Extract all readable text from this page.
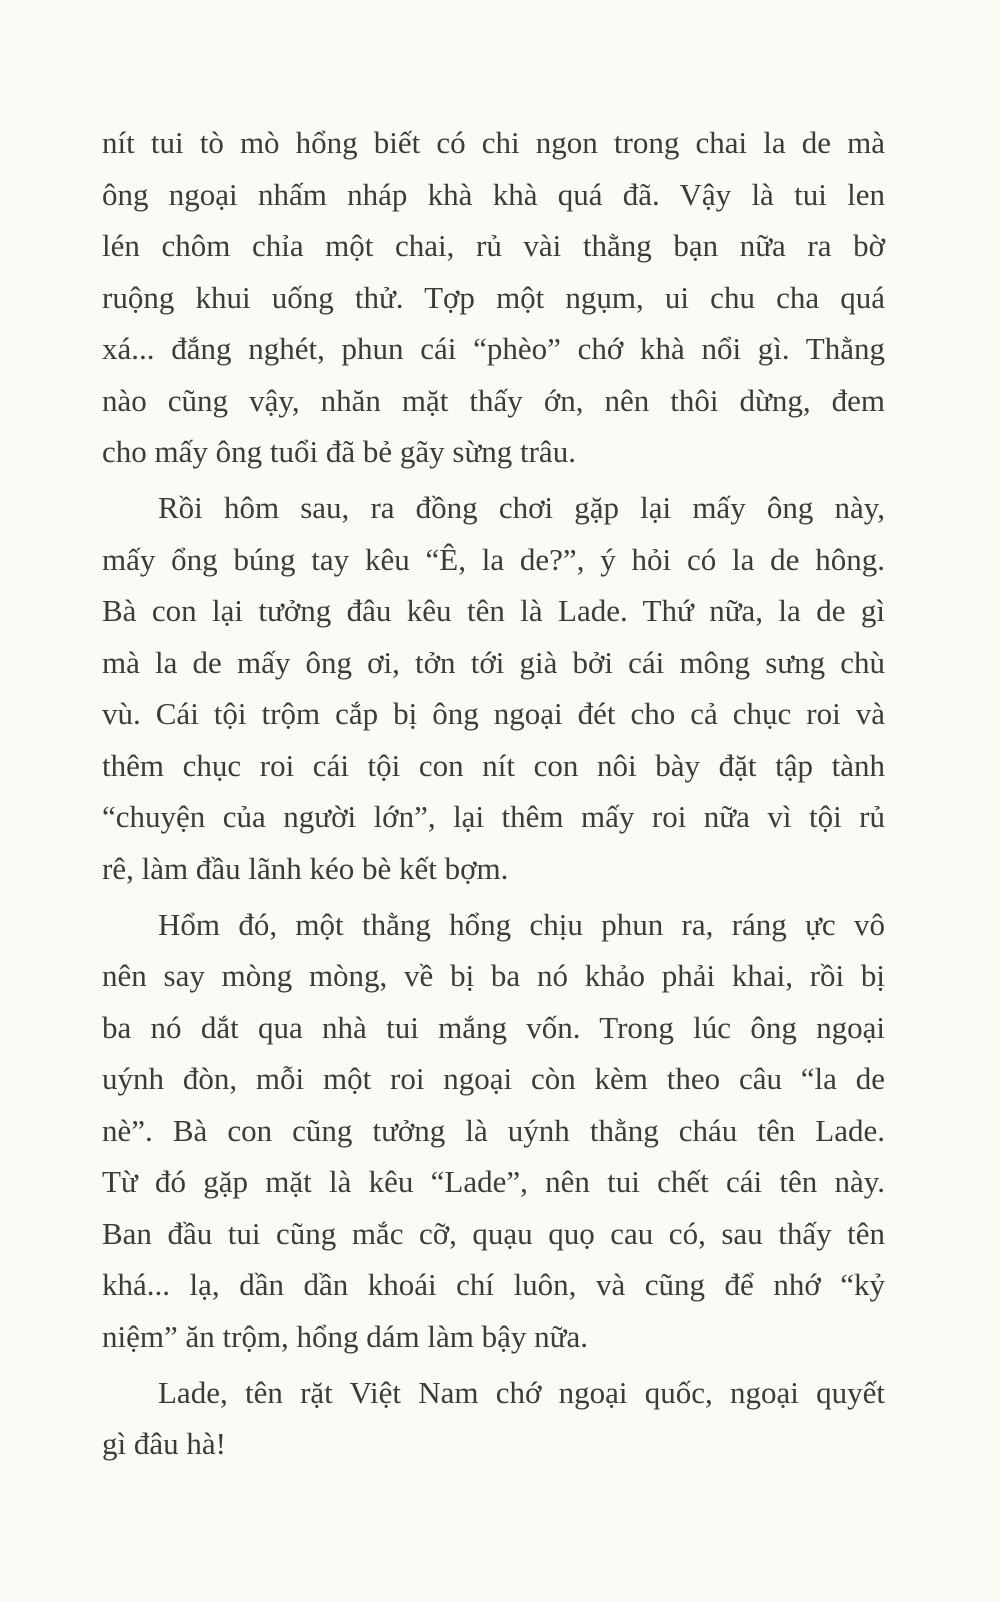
nít tui tò mò hổng biết có chi ngon trong chai la de mà
ông ngoại nhấm nháp khà khà quá đã. Vậy là tui len
lén chôm chỉa một chai, rủ vài thằng bạn nữa ra bờ
ruộng khui uống thử. Tợp một ngụm, ui chu cha quá
xá... đắng nghét, phun cái “phèo” chớ khà nổi gì. Thằng
nào cũng vậy, nhăn mặt thấy ớn, nên thôi dừng, đem
cho mấy ông tuổi đã bẻ gãy sừng trâu.
Rồi hôm sau, ra đồng chơi gặp lại mấy ông này,
mấy ổng búng tay kêu “Ê, la de?”, ý hỏi có la de hông.
Bà con lại tưởng đâu kêu tên là Lade. Thứ nữa, la de gì
mà la de mấy ông ơi, tởn tới già bởi cái mông sưng chù
vù. Cái tội trộm cắp bị ông ngoại đét cho cả chục roi và
thêm chục roi cái tội con nít con nôi bày đặt tập tành
“chuyện của người lớn”, lại thêm mấy roi nữa vì tội rủ
rê, làm đầu lãnh kéo bè kết bợm.
Hổm đó, một thằng hổng chịu phun ra, ráng ực vô
nên say mòng mòng, về bị ba nó khảo phải khai, rồi bị
ba nó dắt qua nhà tui mắng vốn. Trong lúc ông ngoại
uýnh đòn, mỗi một roi ngoại còn kèm theo câu “la de
nè”. Bà con cũng tưởng là uýnh thằng cháu tên Lade.
Từ đó gặp mặt là kêu “Lade”, nên tui chết cái tên này.
Ban đầu tui cũng mắc cỡ, quạu quọ cau có, sau thấy tên
khá... lạ, dần dần khoái chí luôn, và cũng để nhớ “kỷ
niệm” ăn trộm, hổng dám làm bậy nữa.
Lade, tên rặt Việt Nam chớ ngoại quốc, ngoại quyết
gì đâu hà!
